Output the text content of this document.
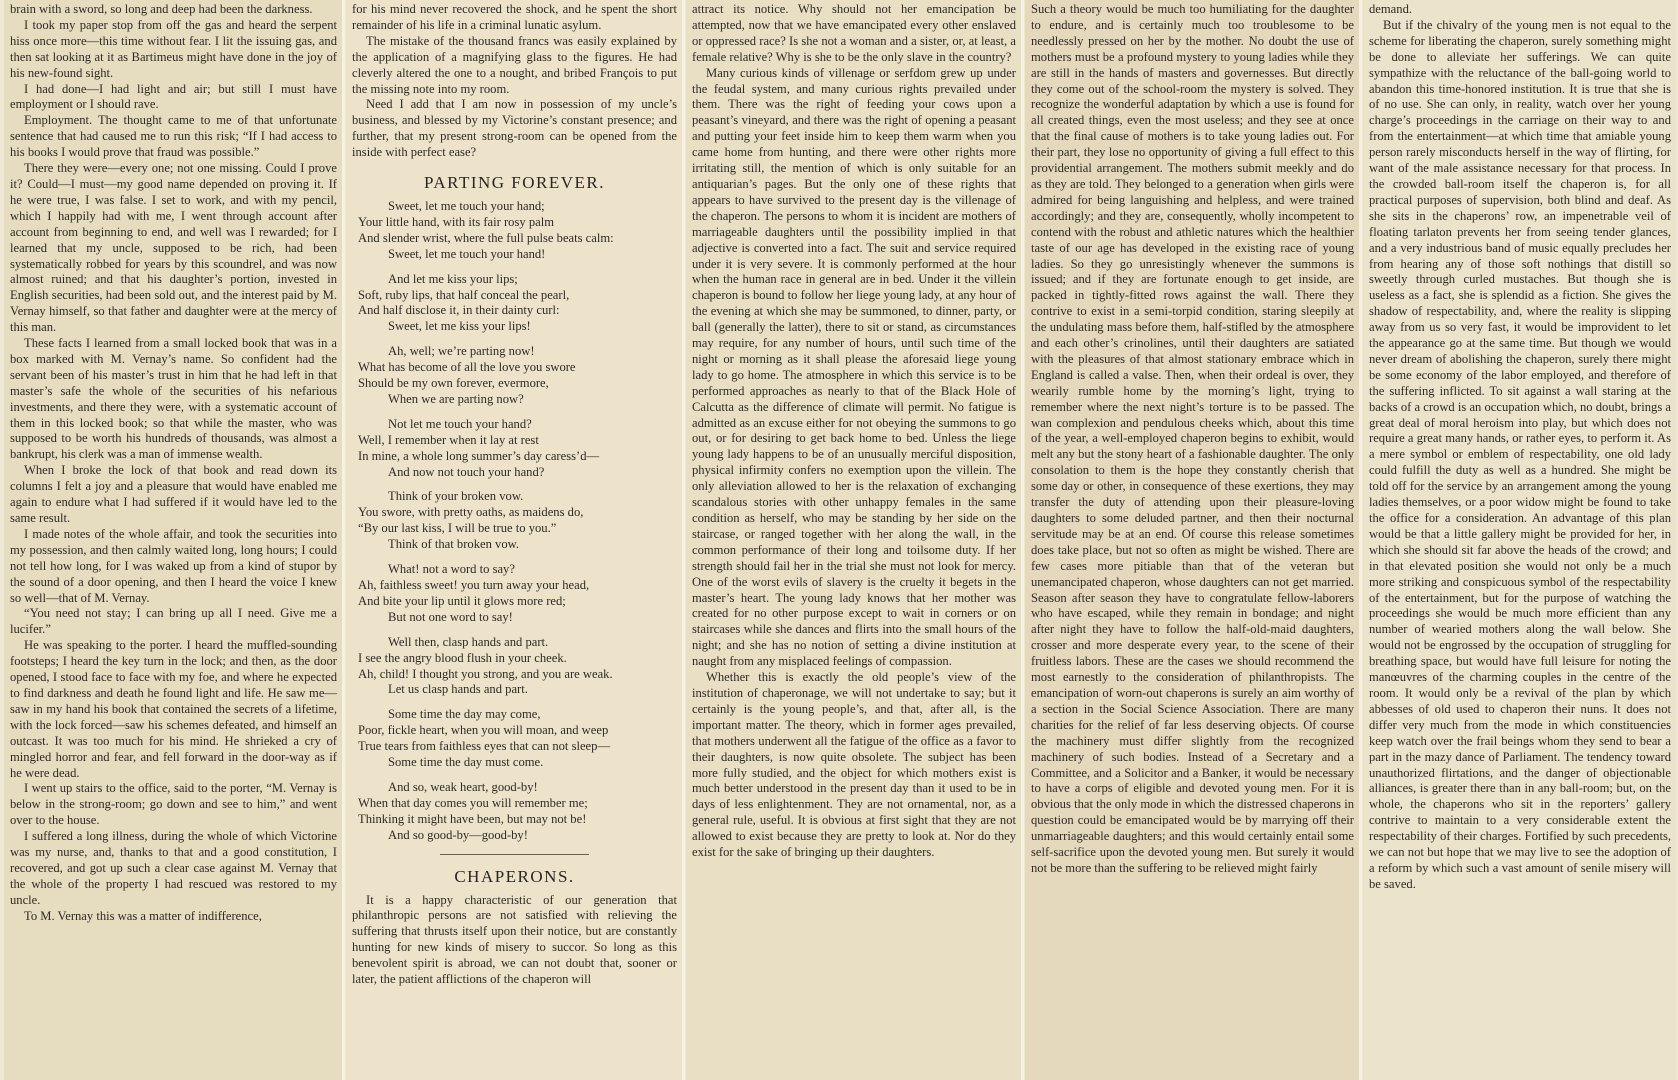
brain with a sword, so long and deep had been the darkness.

I took my paper stop from off the gas and heard the serpent hiss once more—this time without fear. I lit the issuing gas, and then sat looking at it as Bartimeus might have done in the joy of his new-found sight.

I had done—I had light and air; but still I must have employment or I should rave.

Employment. The thought came to me of that unfortunate sentence that had caused me to run this risk; “If I had access to his books I would prove that fraud was possible.”

There they were—every one; not one missing. Could I prove it? Could—I must—my good name depended on proving it. If he were true, I was false. I set to work, and with my pencil, which I happily had with me, I went through account after account from beginning to end, and well was I rewarded; for I learned that my uncle, supposed to be rich, had been systematically robbed for years by this scoundrel, and was now almost ruined; and that his daughter’s portion, invested in English securities, had been sold out, and the interest paid by M. Vernay himself, so that father and daughter were at the mercy of this man.

These facts I learned from a small locked book that was in a box marked with M. Vernay’s name. So confident had the servant been of his master’s trust in him that he had left in that master’s safe the whole of the securities of his nefarious investments, and there they were, with a systematic account of them in this locked book; so that while the master, who was supposed to be worth his hundreds of thousands, was almost a bankrupt, his clerk was a man of immense wealth.

When I broke the lock of that book and read down its columns I felt a joy and a pleasure that would have enabled me again to endure what I had suffered if it would have led to the same result.

I made notes of the whole affair, and took the securities into my possession, and then calmly waited long, long hours; I could not tell how long, for I was waked up from a kind of stupor by the sound of a door opening, and then I heard the voice I knew so well—that of M. Vernay.

“You need not stay; I can bring up all I need. Give me a lucifer.”

He was speaking to the porter. I heard the muffled-sounding footsteps; I heard the key turn in the lock; and then, as the door opened, I stood face to face with my foe, and where he expected to find darkness and death he found light and life. He saw me—saw in my hand his book that contained the secrets of a lifetime, with the lock forced—saw his schemes defeated, and himself an outcast. It was too much for his mind. He shrieked a cry of mingled horror and fear, and fell forward in the door-way as if he were dead.

I went up stairs to the office, said to the porter, “M. Vernay is below in the strong-room; go down and see to him,” and went over to the house.

I suffered a long illness, during the whole of which Victorine was my nurse, and, thanks to that and a good constitution, I recovered, and got up such a clear case against M. Vernay that the whole of the property I had rescued was restored to my uncle.

To M. Vernay this was a matter of indifference,

for his mind never recovered the shock, and he spent the short remainder of his life in a criminal lunatic asylum.

The mistake of the thousand francs was easily explained by the application of a magnifying glass to the figures. He had cleverly altered the one to a nought, and bribed François to put the missing note into my room.

Need I add that I am now in possession of my uncle’s business, and blessed by my Victorine’s constant presence; and further, that my present strong-room can be opened from the inside with perfect ease?

PARTING FOREVER.
Sweet, let me touch your hand;
Your little hand, with its fair rosy palm
And slender wrist, where the full pulse beats calm:
Sweet, let me touch your hand!
And let me kiss your lips;
Soft, ruby lips, that half conceal the pearl,
And half disclose it, in their dainty curl:
Sweet, let me kiss your lips!
Ah, well; we’re parting now!
What has become of all the love you swore
Should be my own forever, evermore,
When we are parting now?
Not let me touch your hand?
Well, I remember when it lay at rest
In mine, a whole long summer’s day caress’d—
And now not touch your hand?
Think of your broken vow.
You swore, with pretty oaths, as maidens do,
“By our last kiss, I will be true to you.”
Think of that broken vow.
What! not a word to say?
Ah, faithless sweet! you turn away your head,
And bite your lip until it glows more red;
But not one word to say!
Well then, clasp hands and part.
I see the angry blood flush in your cheek.
Ah, child! I thought you strong, and you are weak.
Let us clasp hands and part.
Some time the day may come,
Poor, fickle heart, when you will moan, and weep
True tears from faithless eyes that can not sleep—
Some time the day must come.
And so, weak heart, good-by!
When that day comes you will remember me;
Thinking it might have been, but may not be!
And so good-by—good-by!
CHAPERONS.

It is a happy characteristic of our generation that philanthropic persons are not satisfied with relieving the suffering that thrusts itself upon their notice, but are constantly hunting for new kinds of misery to succor. So long as this benevolent spirit is abroad, we can not doubt that, sooner or later, the patient afflictions of the chaperon will

attract its notice. Why should not her emancipation be attempted, now that we have emancipated every other enslaved or oppressed race? Is she not a woman and a sister, or, at least, a female relative? Why is she to be the only slave in the country?

Many curious kinds of villenage or serfdom grew up under the feudal system, and many curious rights prevailed under them. There was the right of feeding your cows upon a peasant’s vineyard, and there was the right of opening a peasant and putting your feet inside him to keep them warm when you came home from hunting, and there were other rights more irritating still, the mention of which is only suitable for an antiquarian’s pages. But the only one of these rights that appears to have survived to the present day is the villenage of the chaperon. The persons to whom it is incident are mothers of marriageable daughters until the possibility implied in that adjective is converted into a fact. The suit and service required under it is very severe. It is commonly performed at the hour when the human race in general are in bed. Under it the villein chaperon is bound to follow her liege young lady, at any hour of the evening at which she may be summoned, to dinner, party, or ball (generally the latter), there to sit or stand, as circumstances may require, for any number of hours, until such time of the night or morning as it shall please the aforesaid liege young lady to go home. The atmosphere in which this service is to be performed approaches as nearly to that of the Black Hole of Calcutta as the difference of climate will permit. No fatigue is admitted as an excuse either for not obeying the summons to go out, or for desiring to get back home to bed. Unless the liege young lady happens to be of an unusually merciful disposition, physical infirmity confers no exemption upon the villein. The only alleviation allowed to her is the relaxation of exchanging scandalous stories with other unhappy females in the same condition as herself, who may be standing by her side on the staircase, or ranged together with her along the wall, in the common performance of their long and toilsome duty. If her strength should fail her in the trial she must not look for mercy. One of the worst evils of slavery is the cruelty it begets in the master’s heart. The young lady knows that her mother was created for no other purpose except to wait in corners or on staircases while she dances and flirts into the small hours of the night; and she has no notion of setting a divine institution at naught from any misplaced feelings of compassion.

Whether this is exactly the old people’s view of the institution of chaperonage, we will not undertake to say; but it certainly is the young people’s, and that, after all, is the important matter. The theory, which in former ages prevailed, that mothers underwent all the fatigue of the office as a favor to their daughters, is now quite obsolete. The subject has been more fully studied, and the object for which mothers exist is much better understood in the present day than it used to be in days of less enlightenment. They are not ornamental, nor, as a general rule, useful. It is obvious at first sight that they are not allowed to exist because they are pretty to look at. Nor do they exist for the sake of bringing up their daughters.

Such a theory would be much too humiliating for the daughter to endure, and is certainly much too troublesome to be needlessly pressed on her by the mother. No doubt the use of mothers must be a profound mystery to young ladies while they are still in the hands of masters and governesses. But directly they come out of the school-room the mystery is solved. They recognize the wonderful adaptation by which a use is found for all created things, even the most useless; and they see at once that the final cause of mothers is to take young ladies out. For their part, they lose no opportunity of giving a full effect to this providential arrangement. The mothers submit meekly and do as they are told. They belonged to a generation when girls were admired for being languishing and helpless, and were trained accordingly; and they are, consequently, wholly incompetent to contend with the robust and athletic natures which the healthier taste of our age has developed in the existing race of young ladies. So they go unresistingly whenever the summons is issued; and if they are fortunate enough to get inside, are packed in tightly-fitted rows against the wall. There they contrive to exist in a semi-torpid condition, staring sleepily at the undulating mass before them, half-stifled by the atmosphere and each other’s crinolines, until their daughters are satiated with the pleasures of that almost stationary embrace which in England is called a valse. Then, when their ordeal is over, they wearily rumble home by the morning’s light, trying to remember where the next night’s torture is to be passed. The wan complexion and pendulous cheeks which, about this time of the year, a well-employed chaperon begins to exhibit, would melt any but the stony heart of a fashionable daughter. The only consolation to them is the hope they constantly cherish that some day or other, in consequence of these exertions, they may transfer the duty of attending upon their pleasure-loving daughters to some deluded partner, and then their nocturnal servitude may be at an end. Of course this release sometimes does take place, but not so often as might be wished. There are few cases more pitiable than that of the veteran but unemancipated chaperon, whose daughters can not get married. Season after season they have to congratulate fellow-laborers who have escaped, while they remain in bondage; and night after night they have to follow the half-old-maid daughters, crosser and more desperate every year, to the scene of their fruitless labors. These are the cases we should recommend the most earnestly to the consideration of philanthropists. The emancipation of worn-out chaperons is surely an aim worthy of a section in the Social Science Association. There are many charities for the relief of far less deserving objects. Of course the machinery must differ slightly from the recognized machinery of such bodies. Instead of a Secretary and a Committee, and a Solicitor and a Banker, it would be necessary to have a corps of eligible and devoted young men. For it is obvious that the only mode in which the distressed chaperons in question could be emancipated would be by marrying off their unmarriageable daughters; and this would certainly entail some self-sacrifice upon the devoted young men. But surely it would not be more than the suffering to be relieved might fairly

demand.

But if the chivalry of the young men is not equal to the scheme for liberating the chaperon, surely something might be done to alleviate her sufferings. We can quite sympathize with the reluctance of the ball-going world to abandon this time-honored institution. It is true that she is of no use. She can only, in reality, watch over her young charge’s proceedings in the carriage on their way to and from the entertainment—at which time that amiable young person rarely misconducts herself in the way of flirting, for want of the male assistance necessary for that process. In the crowded ball-room itself the chaperon is, for all practical purposes of supervision, both blind and deaf. As she sits in the chaperons’ row, an impenetrable veil of floating tarlaton prevents her from seeing tender glances, and a very industrious band of music equally precludes her from hearing any of those soft nothings that distill so sweetly through curled mustaches. But though she is useless as a fact, she is splendid as a fiction. She gives the shadow of respectability, and, where the reality is slipping away from us so very fast, it would be improvident to let the appearance go at the same time. But though we would never dream of abolishing the chaperon, surely there might be some economy of the labor employed, and therefore of the suffering inflicted. To sit against a wall staring at the backs of a crowd is an occupation which, no doubt, brings a great deal of moral heroism into play, but which does not require a great many hands, or rather eyes, to perform it. As a mere symbol or emblem of respectability, one old lady could fulfill the duty as well as a hundred. She might be told off for the service by an arrangement among the young ladies themselves, or a poor widow might be found to take the office for a consideration. An advantage of this plan would be that a little gallery might be provided for her, in which she should sit far above the heads of the crowd; and in that elevated position she would not only be a much more striking and conspicuous symbol of the respectability of the entertainment, but for the purpose of watching the proceedings she would be much more efficient than any number of wearied mothers along the wall below. She would not be engrossed by the occupation of struggling for breathing space, but would have full leisure for noting the manœuvres of the charming couples in the centre of the room. It would only be a revival of the plan by which abbesses of old used to chaperon their nuns. It does not differ very much from the mode in which constituencies keep watch over the frail beings whom they send to bear a part in the mazy dance of Parliament. The tendency toward unauthorized flirtations, and the danger of objectionable alliances, is greater there than in any ball-room; but, on the whole, the chaperons who sit in the reporters’ gallery contrive to maintain to a very considerable extent the respectability of their charges. Fortified by such precedents, we can not but hope that we may live to see the adoption of a reform by which such a vast amount of senile misery will be saved.
